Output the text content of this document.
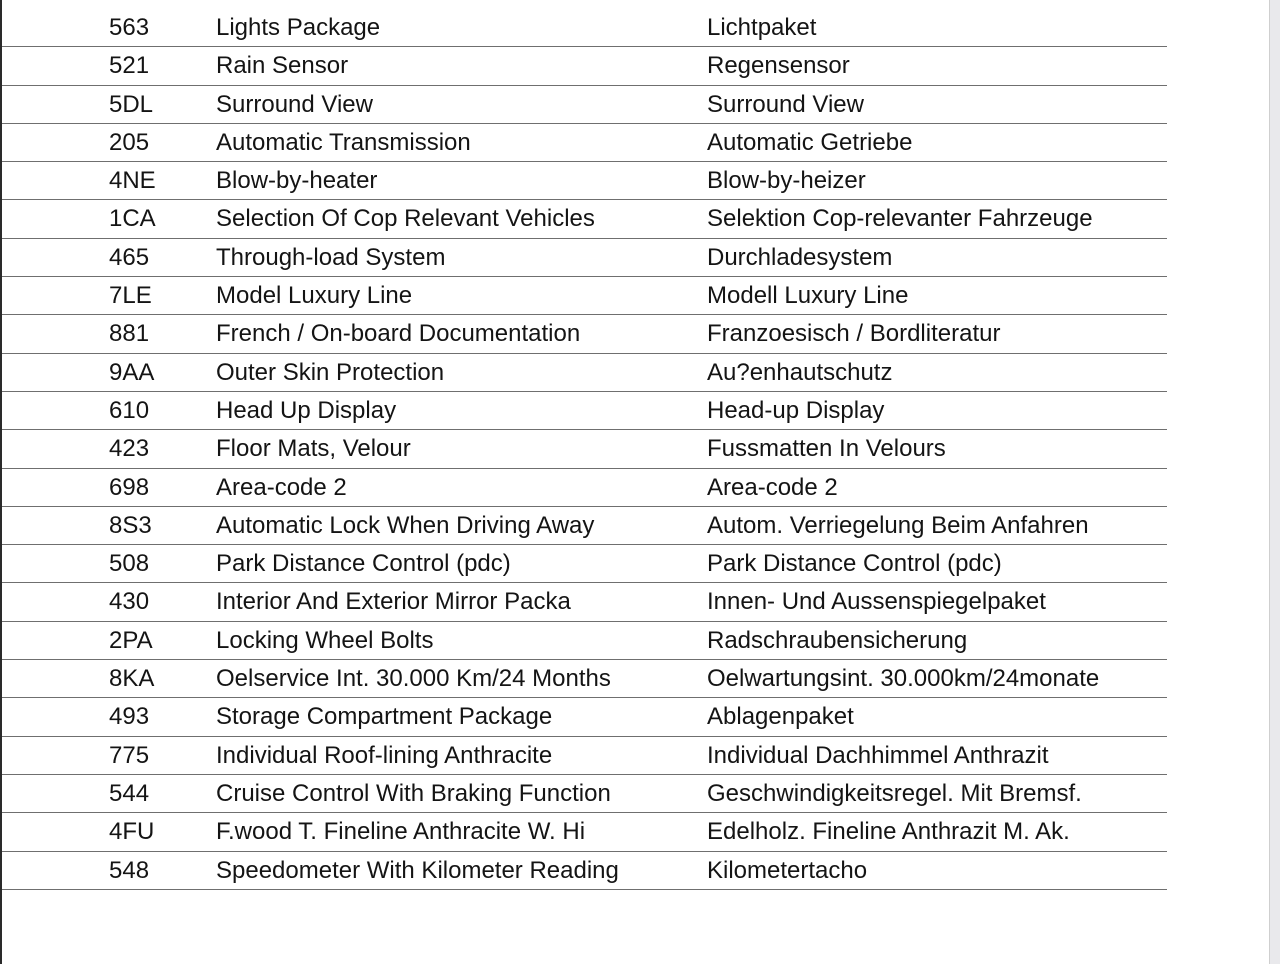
563	Lights Package	Lichtpaket
521	Rain Sensor	Regensensor
5DL	Surround View	Surround View
205	Automatic Transmission	Automatic Getriebe
4NE	Blow-by-heater	Blow-by-heizer
1CA	Selection Of Cop Relevant Vehicles	Selektion Cop-relevanter Fahrzeuge
465	Through-load System	Durchladesystem
7LE	Model Luxury Line	Modell Luxury Line
881	French / On-board Documentation	Franzoesisch / Bordliteratur
9AA	Outer Skin Protection	Au?enhautschutz
610	Head Up Display	Head-up Display
423	Floor Mats, Velour	Fussmatten In Velours
698	Area-code 2	Area-code 2
8S3	Automatic Lock When Driving Away	Autom. Verriegelung Beim Anfahren
508	Park Distance Control (pdc)	Park Distance Control (pdc)
430	Interior And Exterior Mirror Packa	Innen- Und Aussenspiegelpaket
2PA	Locking Wheel Bolts	Radschraubensicherung
8KA	Oelservice Int. 30.000 Km/24 Months	Oelwartungsint. 30.000km/24monate
493	Storage Compartment Package	Ablagenpaket
775	Individual Roof-lining Anthracite	Individual Dachhimmel Anthrazit
544	Cruise Control With Braking Function	Geschwindigkeitsregel. Mit Bremsf.
4FU	F.wood T. Fineline Anthracite W. Hi	Edelholz. Fineline Anthrazit M. Ak.
548	Speedometer With Kilometer Reading	Kilometertacho
